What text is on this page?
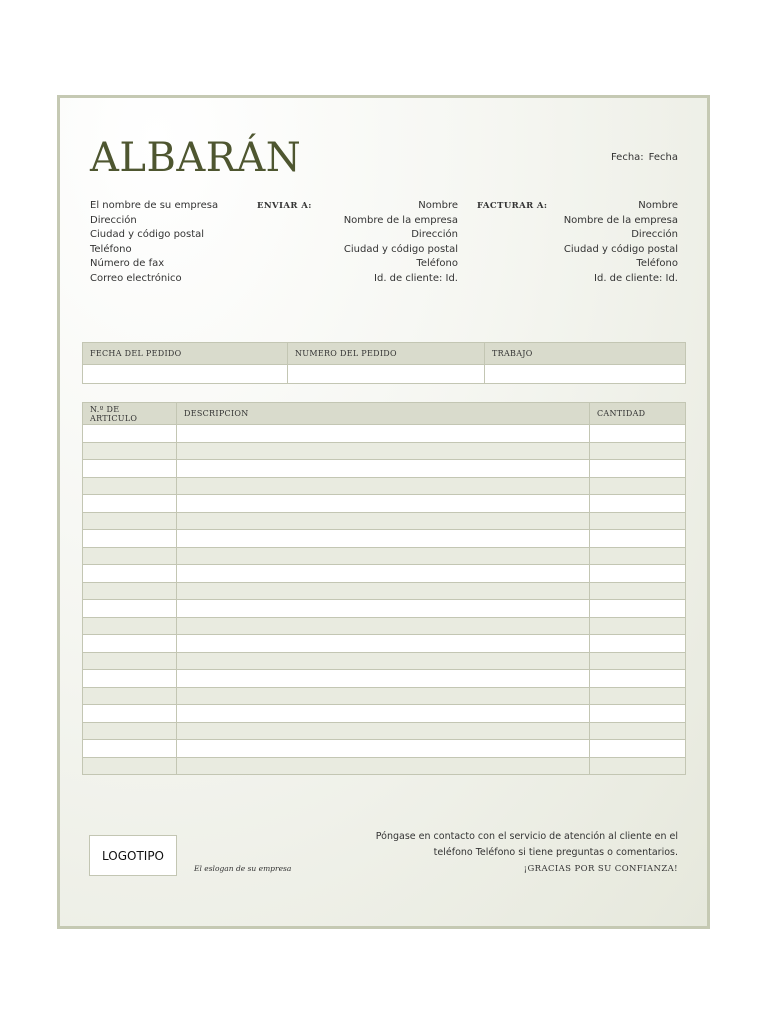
ALBARÁN	Fecha: Fecha
El nombre de su empresa
Dirección
Ciudad y código postal
Teléfono
Número de fax
Correo electrónico
ENVIAR A:	Nombre
Nombre de la empresa
Dirección
Ciudad y código postal
Teléfono
Id. de cliente: Id.
FACTURAR A:	Nombre
Nombre de la empresa
Dirección
Ciudad y código postal
Teléfono
Id. de cliente: Id.
FECHA DEL PEDIDO	NUMERO DEL PEDIDO	TRABAJO

N.º DE ARTICULO	DESCRIPCION	CANTIDAD

LOGOTIPO
El eslogan de su empresa
Póngase en contacto con el servicio de atención al cliente en el
teléfono Teléfono si tiene preguntas o comentarios.
¡GRACIAS POR SU CONFIANZA!
